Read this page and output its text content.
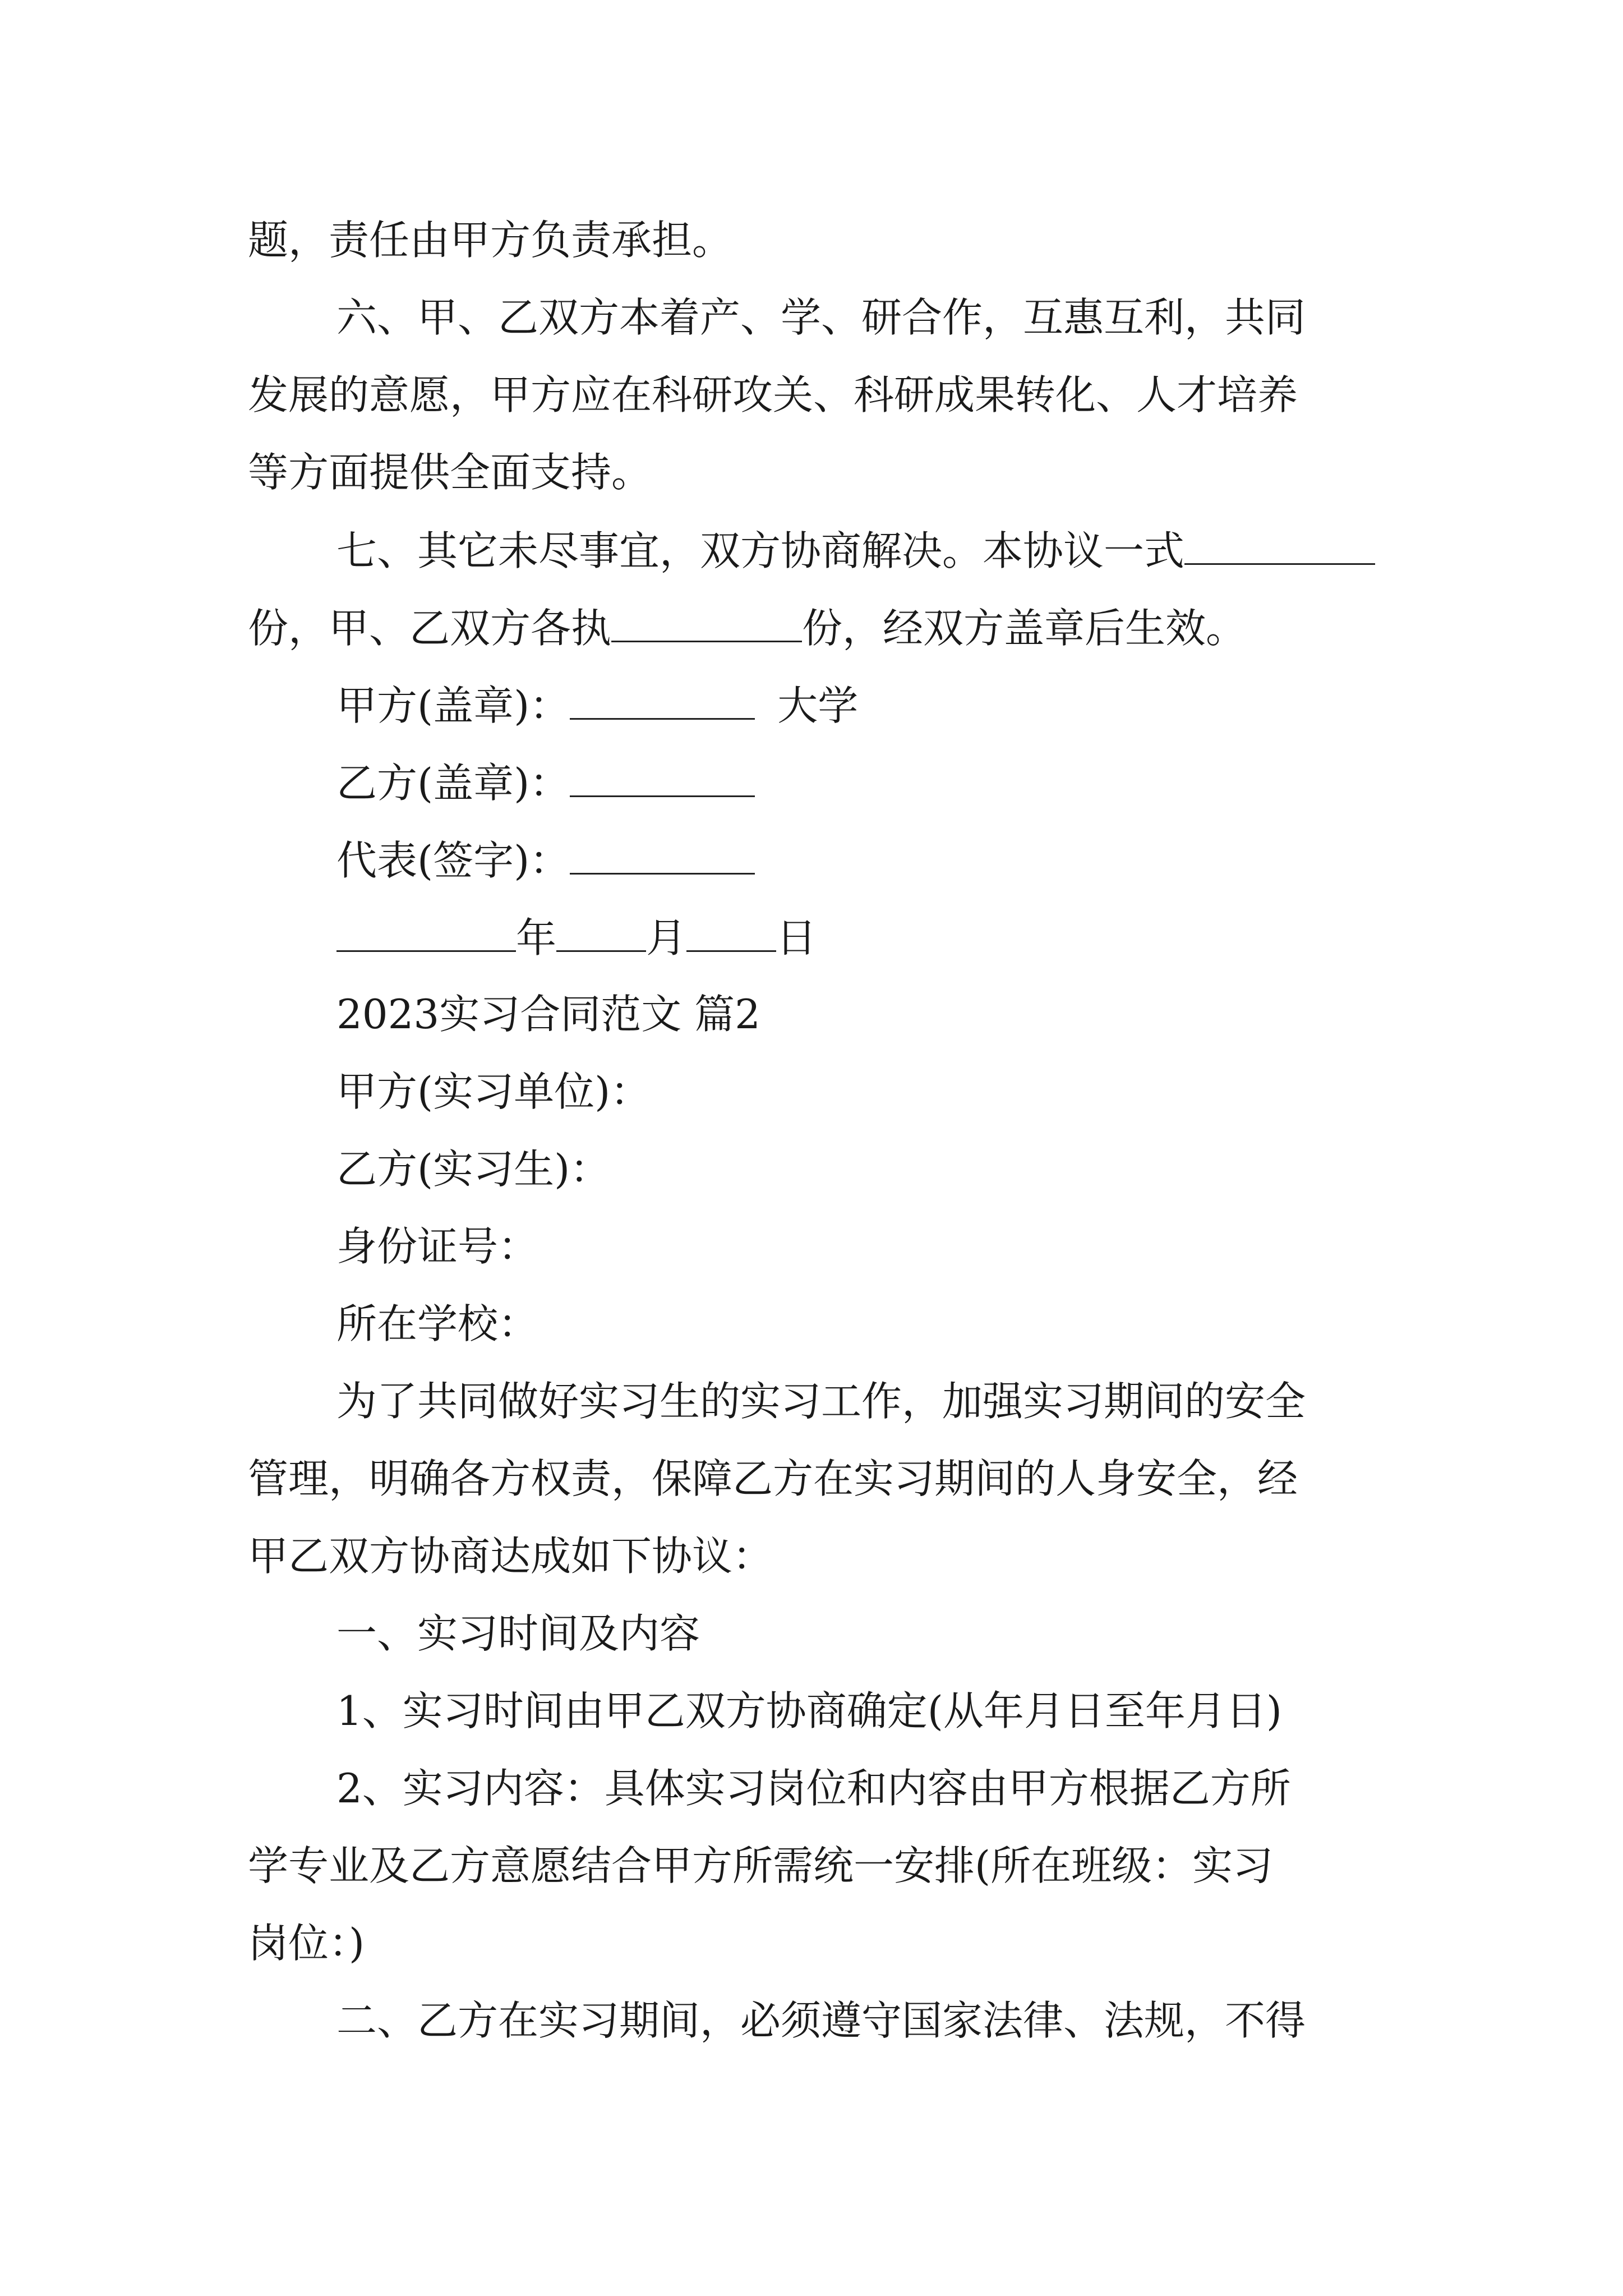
题，责任由甲方负责承担。
六、甲、乙双方本着产、学、研合作，互惠互利，共同
发展的意愿，甲方应在科研攻关、科研成果转化、人才培养
等方面提供全面支持。
七、其它未尽事宜，双方协商解决。本协议一式
份，甲、乙双方各执	份，经双方盖章后生效。
甲方(盖章)：	大学
乙方(盖章)：
代表(签字)：
年 月 日
2023实习合同范文 篇2
甲方(实习单位)：
乙方(实习生)：
身份证号：
所在学校：
为了共同做好实习生的实习工作，加强实习期间的安全
管理，明确各方权责，保障乙方在实习期间的人身安全，经
甲乙双方协商达成如下协议：
一、实习时间及内容
1、实习时间由甲乙双方协商确定(从年月日至年月日)
2、实习内容：具体实习岗位和内容由甲方根据乙方所
学专业及乙方意愿结合甲方所需统一安排(所在班级：实习
岗位：)
二、乙方在实习期间，必须遵守国家法律、法规，不得
